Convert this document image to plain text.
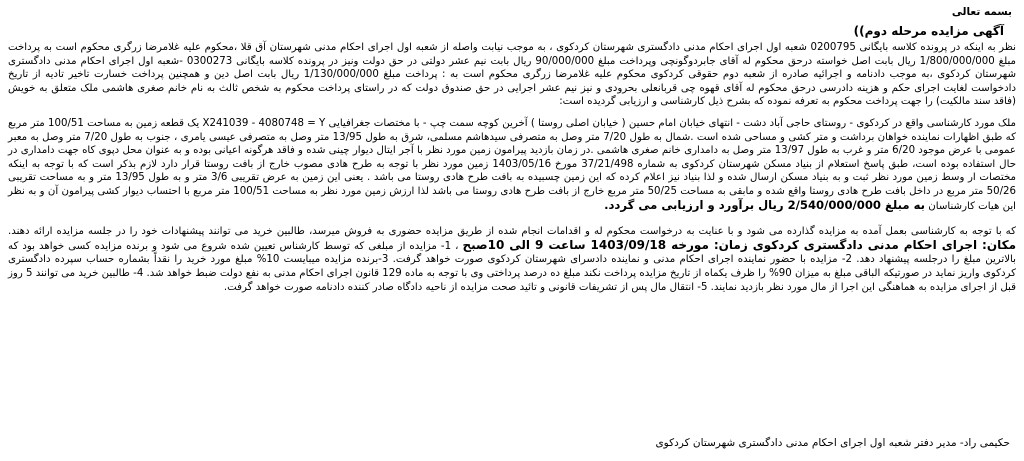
بسمه تعالی
آگهی مزایده مرحله دوم))

نظر به اینکه در پرونده کلاسه بایگانی 0200795 شعبه اول اجرای احکام مدنی دادگستری شهرستان کردکوی ، به موجب نیابت واصله از شعبه اول اجرای احکام مدنی شهرستان آق قلا ،محکوم علیه غلامرضا زرگری محکوم است به پرداخت مبلغ 1/800/000/000 ریال بابت اصل خواسته درحق محکوم له آقای جابردوگونچی وپرداخت مبلغ 90/000/000 ریال بابت نیم عشر دولتی در حق دولت ونیز در پرونده کلاسه بایگانی 0300273 -شعبه اول اجرای احکام مدنی دادگستری شهرستان کردکوی ،به موجب دادنامه و اجرائیه صادره از شعبه دوم حقوقی کردکوی محکوم علیه غلامرضا زرگری محکوم است به : پرداخت مبلغ 1/130/000/000 ریال بابت اصل دین و همچنین پرداخت خسارت تاخیر تادیه از تاریخ دادخواست لغایت اجرای حکم و هزینه دادرسی درحق محکوم له آقای قهوه چی قربانعلی بحرودی و نیز نیم عشر اجرایی در حق صندوق دولت که در راستای پرداخت محکوم به شخص ثالث به نام خانم صغری هاشمی ملک متعلق به خویش (فاقد سند مالکیت) را جهت پرداخت محکوم به تعرفه نموده که بشرح ذیل کارشناسی و ارزیابی گردیده است:

ملک مورد کارشناسی واقع در کردکوی - روستای حاجی آباد دشت - انتهای خیابان امام حسین ( خیابان اصلی روستا ) آخرین کوچه سمت چپ - با مختصات جغرافیایی X241039 - 4080748 = Y یک قطعه زمین به مساحت 100/51 متر مربع که طبق اظهارات نماینده خواهان برداشت و متر کشی و مساحی شده است .شمال به طول 7/20 متر وصل به متصرفی سیدهاشم مسلمی، شرق به طول 13/95 متر وصل به متصرفی عیسی یامری ، جنوب به طول 7/20 متر وصل به معبر عمومی با عرض موجود 6/20 متر و غرب به طول 13/97 متر وصل به دامداری خانم صغری هاشمی .در زمان بازدید پیرامون زمین مورد نظر با آجر ایتال دیوار چینی شده و فاقد هرگونه اعیانی بوده و به عنوان محل دپوی کاه جهت دامداری در حال استفاده بوده است، طبق پاسخ استعلام از بنیاد مسکن شهرستان کردکوی به شماره 37/21/498 مورخ 1403/05/16 زمین مورد نظر با توجه به طرح هادی مصوب خارج از بافت روستا قرار دارد لازم بذکر است که با توجه به اینکه مختصات ار وسط زمین مورد نظر ثبت و به بنیاد مسکن ارسال شده و لذا بنیاد نیز اعلام کرده که این زمین چسبیده به بافت طرح هادی روستا می باشد . یعنی این زمین به عرض تقریبی 3/6 متر و به طول 13/95 متر و به مساحت تقریبی 50/26 متر مربع در داخل بافت طرح هادی روستا واقع شده و مابقی به مساحت 50/25 متر مربع خارج از بافت طرح هادی روستا می باشد لذا ارزش زمین مورد نظر به مساحت 100/51 متر مربع با احتساب دیوار کشی پیرامون آن و به نظر این هیات کارشناسان به مبلغ 2/540/000/000 ریال برآورد و ارزیابی می گردد.

که با توجه به کارشناسی بعمل آمده به مزایده گذارده می شود و با عنایت به درخواست محکوم له و اقدامات انجام شده از طریق مزایده حضوری به فروش میرسد، طالبین خرید می توانند پیشنهادات خود را در جلسه مزایده ارائه دهند. مکان: اجرای احکام مدنی دادگستری کردکوی زمان: مورخه 1403/09/18 ساعت 9 الی 10صبح ، 1- مزایده از مبلغی که توسط کارشناس تعیین شده شروع می شود و برنده مزایده کسی خواهد بود که بالاترین مبلغ را درجلسه پیشنهاد دهد. 2- مزایده با حضور نماینده اجرای احکام مدنی و نماینده دادسرای شهرستان کردکوی صورت خواهد گرفت. 3-برنده مزایده میبایست 10% مبلغ مورد خرید را نقداً بشماره حساب سپرده دادگستری کردکوی واریز نماید در صورتیکه الباقی مبلغ به میزان 90% را ظرف یکماه از تاریخ مزایده پرداخت نکند مبلغ ده درصد پرداختی وی با توجه به ماده 129 قانون اجرای احکام مدنی به نفع دولت ضبط خواهد شد. 4- طالبین خرید می توانند 5 روز قبل از اجرای مزایده به هماهنگی این اجرا از مال مورد نظر بازدید نمایند. 5- انتقال مال پس از تشریفات قانونی و تائید صحت مزایده از ناحیه دادگاه صادر کننده دادنامه صورت خواهد گرفت.

حکیمی راد- مدیر دفتر شعبه اول اجرای احکام مدنی دادگستری شهرستان کردکوی
